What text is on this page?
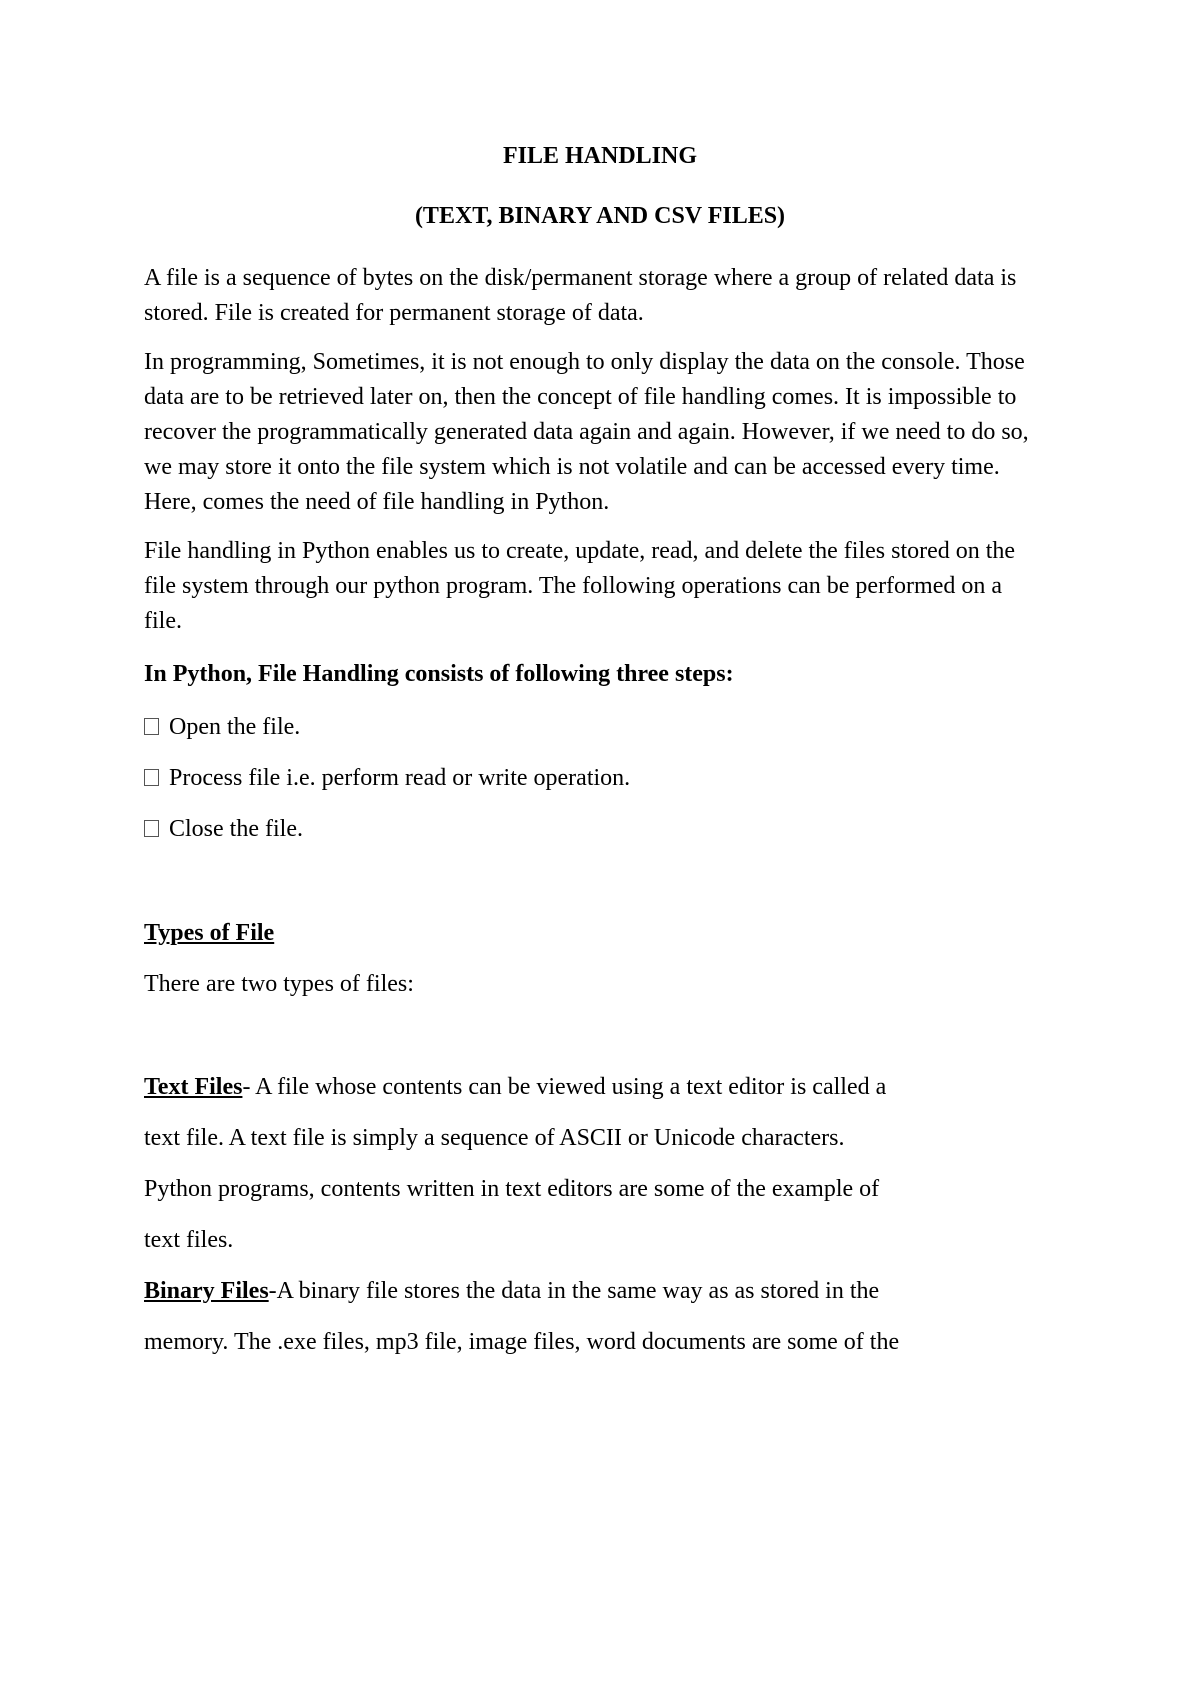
FILE HANDLING
(TEXT, BINARY AND CSV FILES)
A file is a sequence of bytes on the disk/permanent storage where a group of related data is
stored. File is created for permanent storage of data.
In programming, Sometimes, it is not enough to only display the data on the console. Those
data are to be retrieved later on, then the concept of file handling comes. It is impossible to
recover the programmatically generated data again and again. However, if we need to do so,
we may store it onto the file system which is not volatile and can be accessed every time.
Here, comes the need of file handling in Python.
File handling in Python enables us to create, update, read, and delete the files stored on the
file system through our python program. The following operations can be performed on a
file.
In Python, File Handling consists of following three steps:
Open the file.
Process file i.e. perform read or write operation.
Close the file.
Types of File
There are two types of files:
Text Files- A file whose contents can be viewed using a text editor is called a
text file. A text file is simply a sequence of ASCII or Unicode characters.
Python programs, contents written in text editors are some of the example of
text files.
Binary Files-A binary file stores the data in the same way as as stored in the
memory. The .exe files, mp3 file, image files, word documents are some of the
